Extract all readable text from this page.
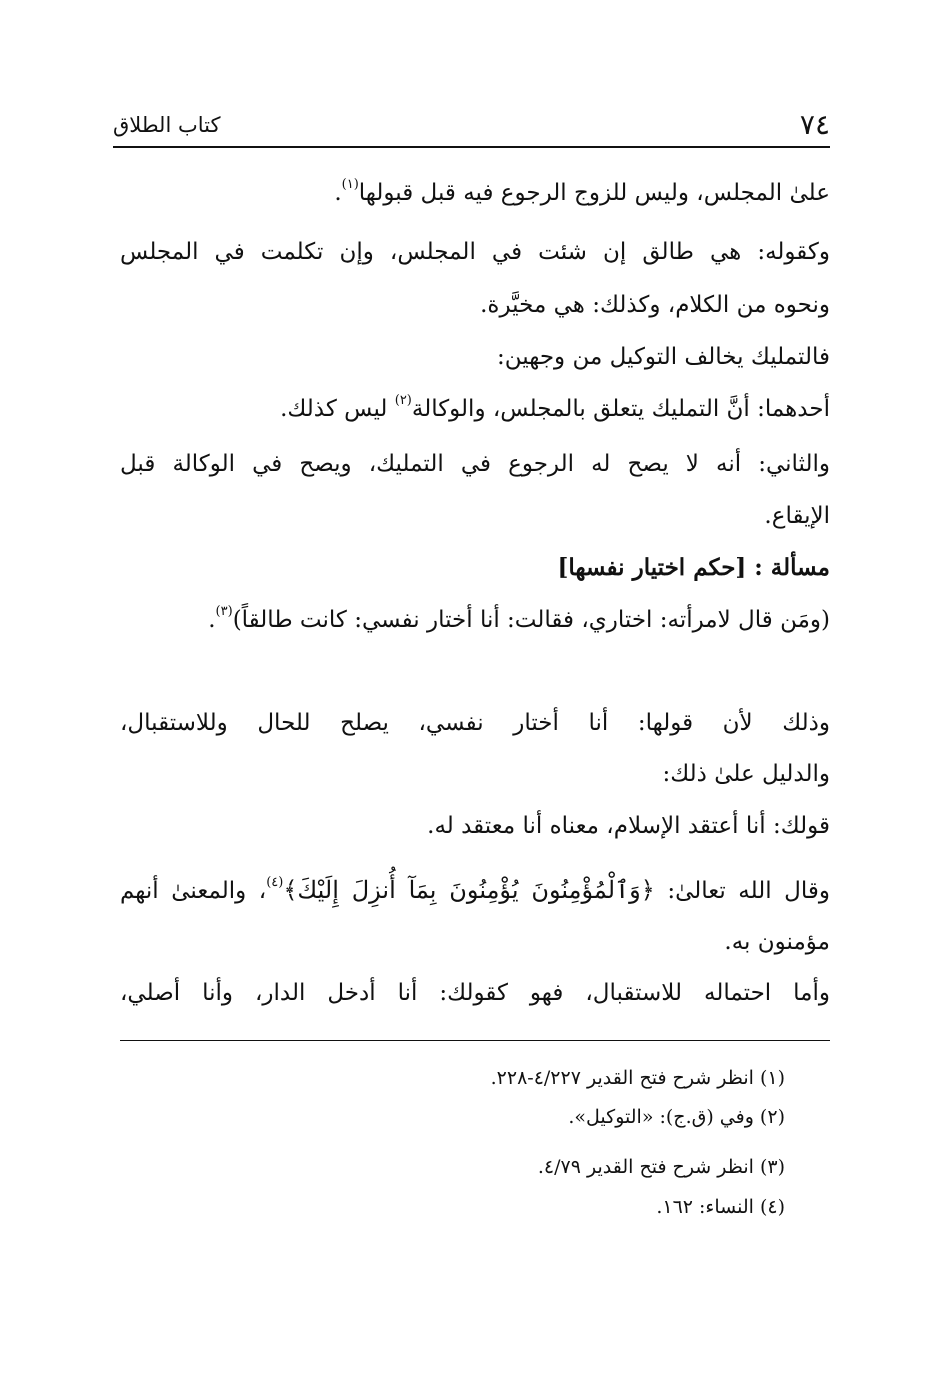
٧٤
كتاب الطلاق
علىٰ المجلس، وليس للزوج الرجوع فيه قبل قبولها$^{(١)}$.
وكقوله: هي طالق إن شئت في المجلس، وإن تكلمت في المجلس
ونحوه من الكلام، وكذلك: هي مخيَّرة.
فالتمليك يخالف التوكيل من وجهين:
أحدهما: أنَّ التمليك يتعلق بالمجلس، والوكالة$^{(٢)}$ ليس كذلك.
والثاني: أنه لا يصح له الرجوع في التمليك، ويصح في الوكالة قبل
الإيقاع.
مسألة : [حكم اختيار نفسها]
(ومَن قال لامرأته: اختاري، فقالت: أنا أختار نفسي: كانت طالقاً)$^{(٣)}$.
وذلك لأن قولها: أنا أختار نفسي، يصلح للحال وللاستقبال،
والدليل علىٰ ذلك:
قولك: أنا أعتقد الإسلام، معناه أنا معتقد له.
وقال الله تعالىٰ: ﴿وَٱلْمُؤْمِنُونَ يُؤْمِنُونَ بِمَآ أُنزِلَ إِلَيْكَ﴾$^{(٤)}$، والمعنىٰ أنهم
مؤمنون به.
وأما احتماله للاستقبال، فهو كقولك: أنا أدخل الدار، وأنا أصلي،
(١) انظر شرح فتح القدير ٤/٢٢٧-٢٢٨.
(٢) وفي (ق.ج): «التوكيل».
(٣) انظر شرح فتح القدير ٤/٧٩.
(٤) النساء: ١٦٢.
